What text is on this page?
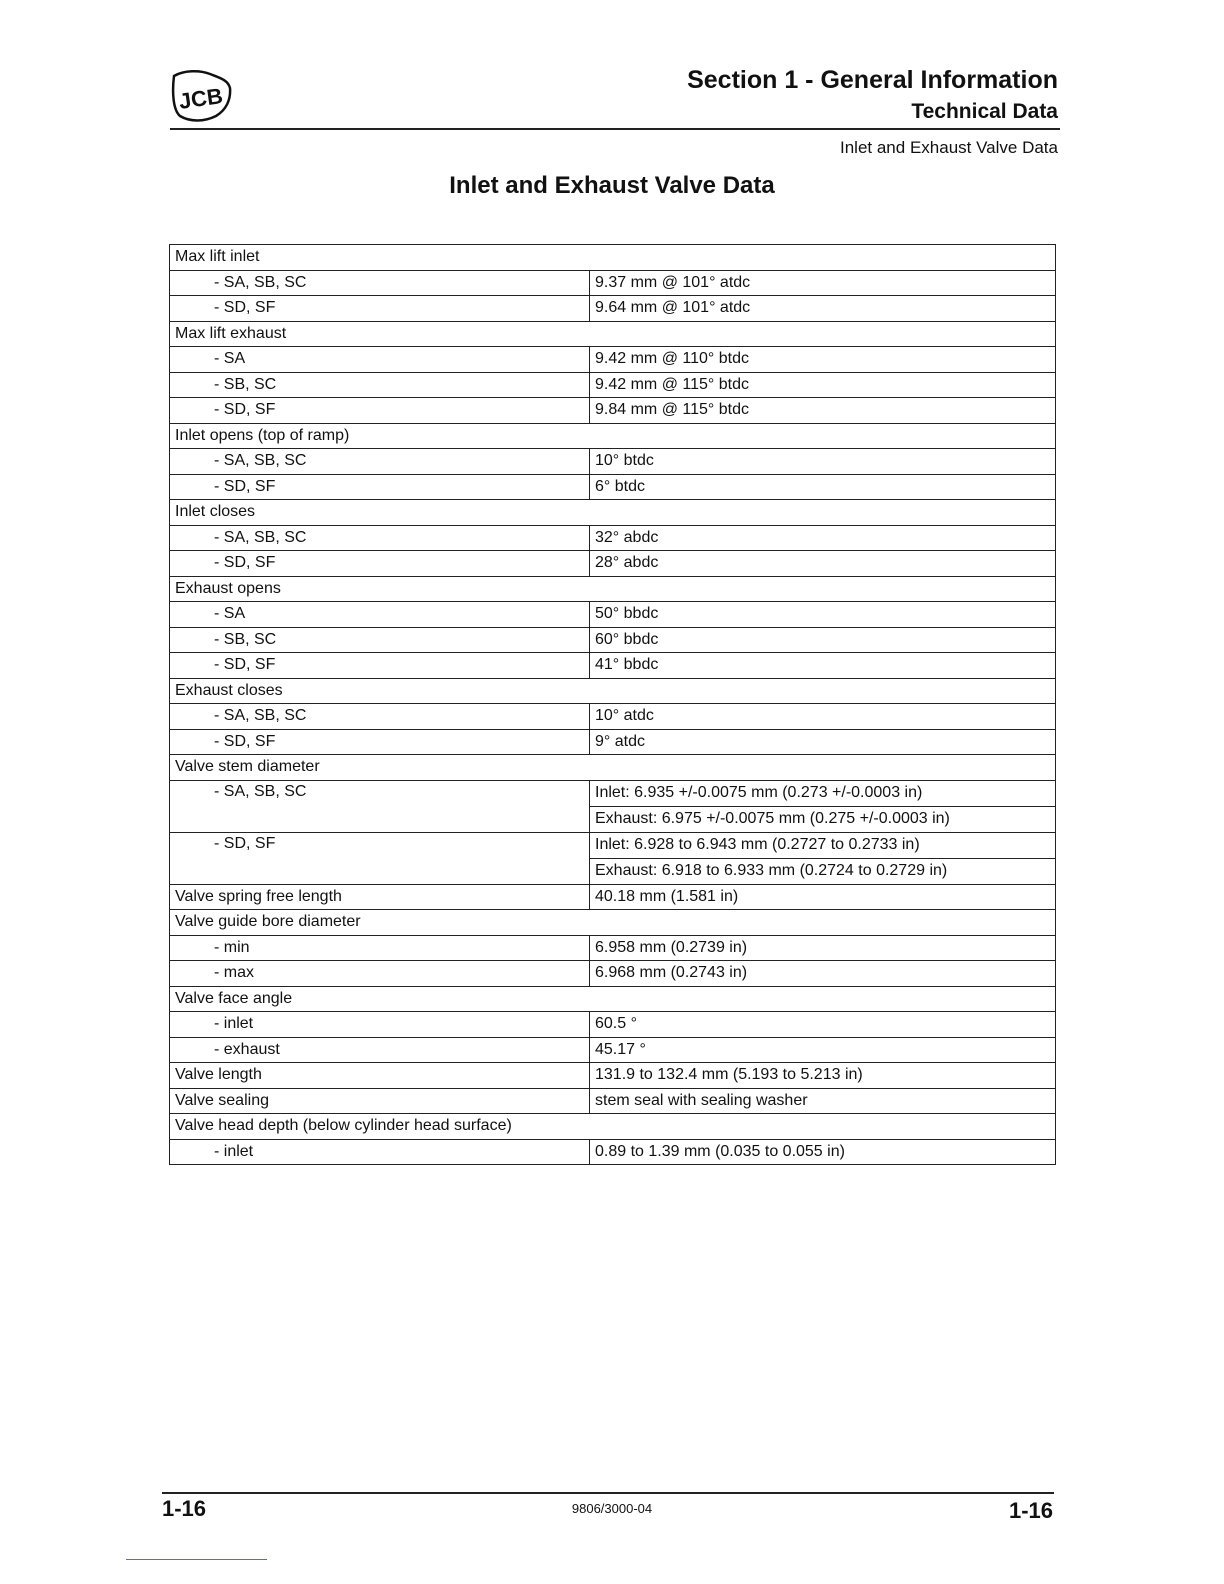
JCB
Section 1 - General Information
Technical Data
Inlet and Exhaust Valve Data
Inlet and Exhaust Valve Data
Max lift inlet	
- SA, SB, SC	9.37 mm @ 101° atdc
- SD, SF	9.64 mm @ 101° atdc
Max lift exhaust	
- SA	9.42 mm @ 110° btdc
- SB, SC	9.42 mm @ 115° btdc
- SD, SF	9.84 mm @ 115° btdc
Inlet opens (top of ramp)	
- SA, SB, SC	10° btdc
- SD, SF	6° btdc
Inlet closes	
- SA, SB, SC	32° abdc
- SD, SF	28° abdc
Exhaust opens	
- SA	50° bbdc
- SB, SC	60° bbdc
- SD, SF	41° bbdc
Exhaust closes	
- SA, SB, SC	10° atdc
- SD, SF	9° atdc
Valve stem diameter	
- SA, SB, SC	Inlet: 6.935 +/-0.0075 mm (0.273 +/-0.0003 in)
	Exhaust: 6.975 +/-0.0075 mm (0.275 +/-0.0003 in)
- SD, SF	Inlet: 6.928 to 6.943 mm (0.2727 to 0.2733 in)
	Exhaust: 6.918 to 6.933 mm (0.2724 to 0.2729 in)
Valve spring free length	40.18 mm (1.581 in)
Valve guide bore diameter	
- min	6.958 mm (0.2739 in)
- max	6.968 mm (0.2743 in)
Valve face angle	
- inlet	60.5 °
- exhaust	45.17 °
Valve length	131.9 to 132.4 mm (5.193 to 5.213 in)
Valve sealing	stem seal with sealing washer
Valve head depth (below cylinder head surface)	
- inlet	0.89 to 1.39 mm (0.035 to 0.055 in)
1-16	9806/3000-04	1-16
